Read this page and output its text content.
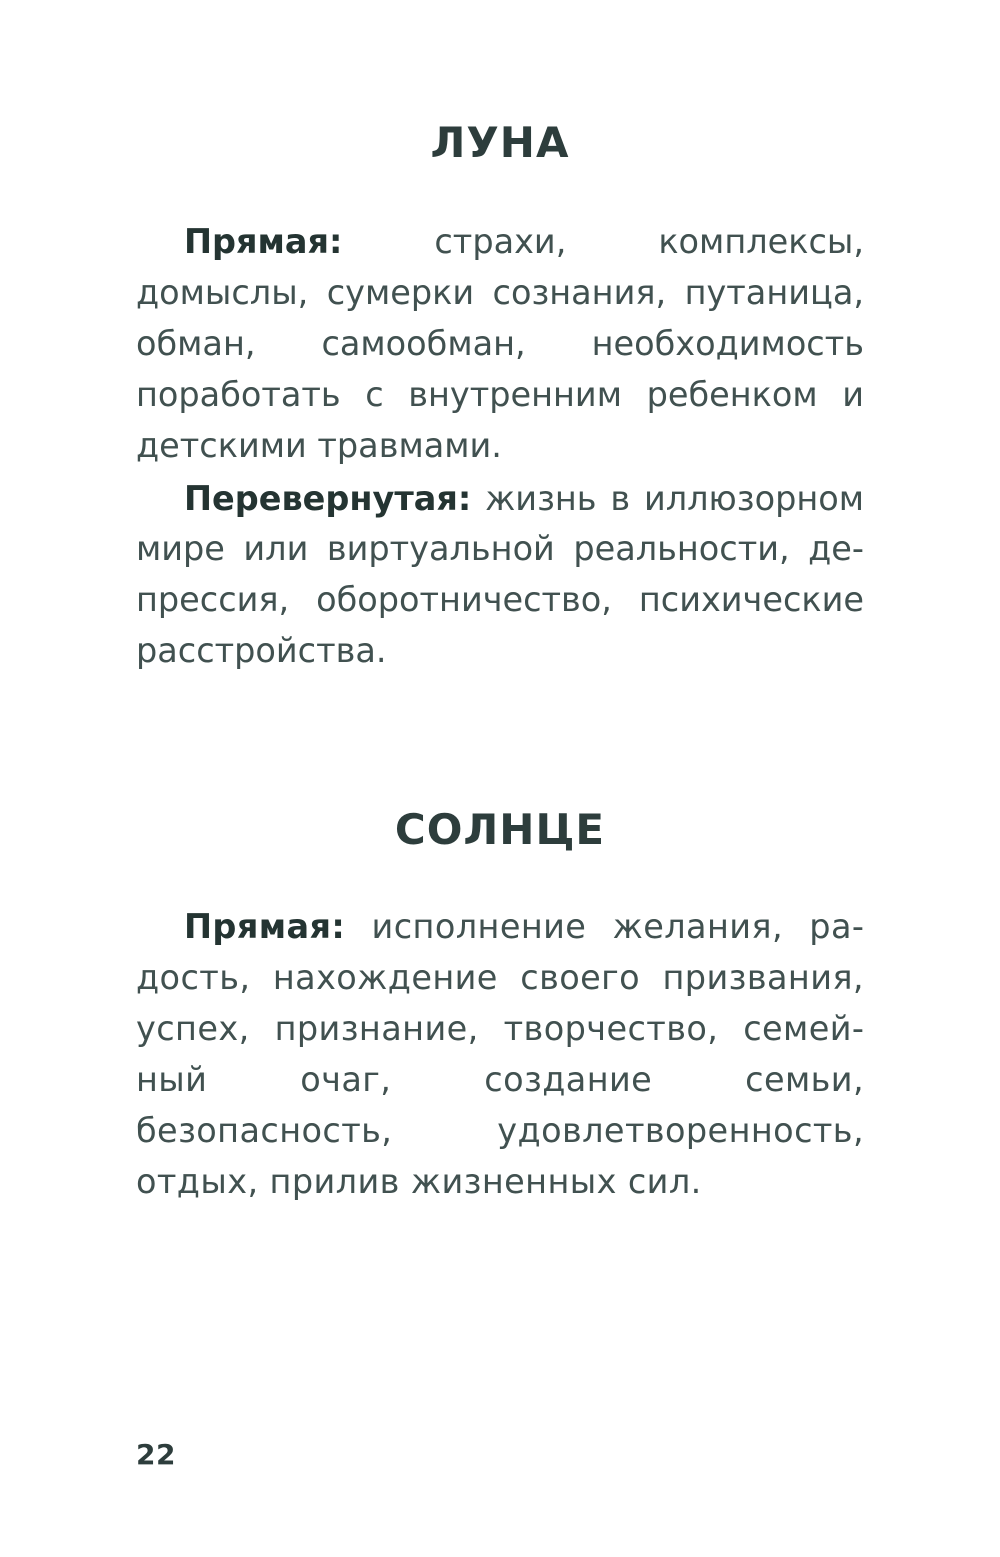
ЛУНА

Прямая: страхи, комплексы, домыслы, сумерки сознания, путаница, обман, самообман, необходимость поработать с внутренним ребенком и детскими травмами.

Перевернутая: жизнь в иллюзорном мире или виртуальной реальности, депрессия, оборотничество, психические расстройства.

СОЛНЦЕ

Прямая: исполнение желания, радость, нахождение своего призвания, успех, признание, творчество, семейный очаг, создание семьи, безопасность, удовлетворенность, отдых, прилив жизненных сил.

22
